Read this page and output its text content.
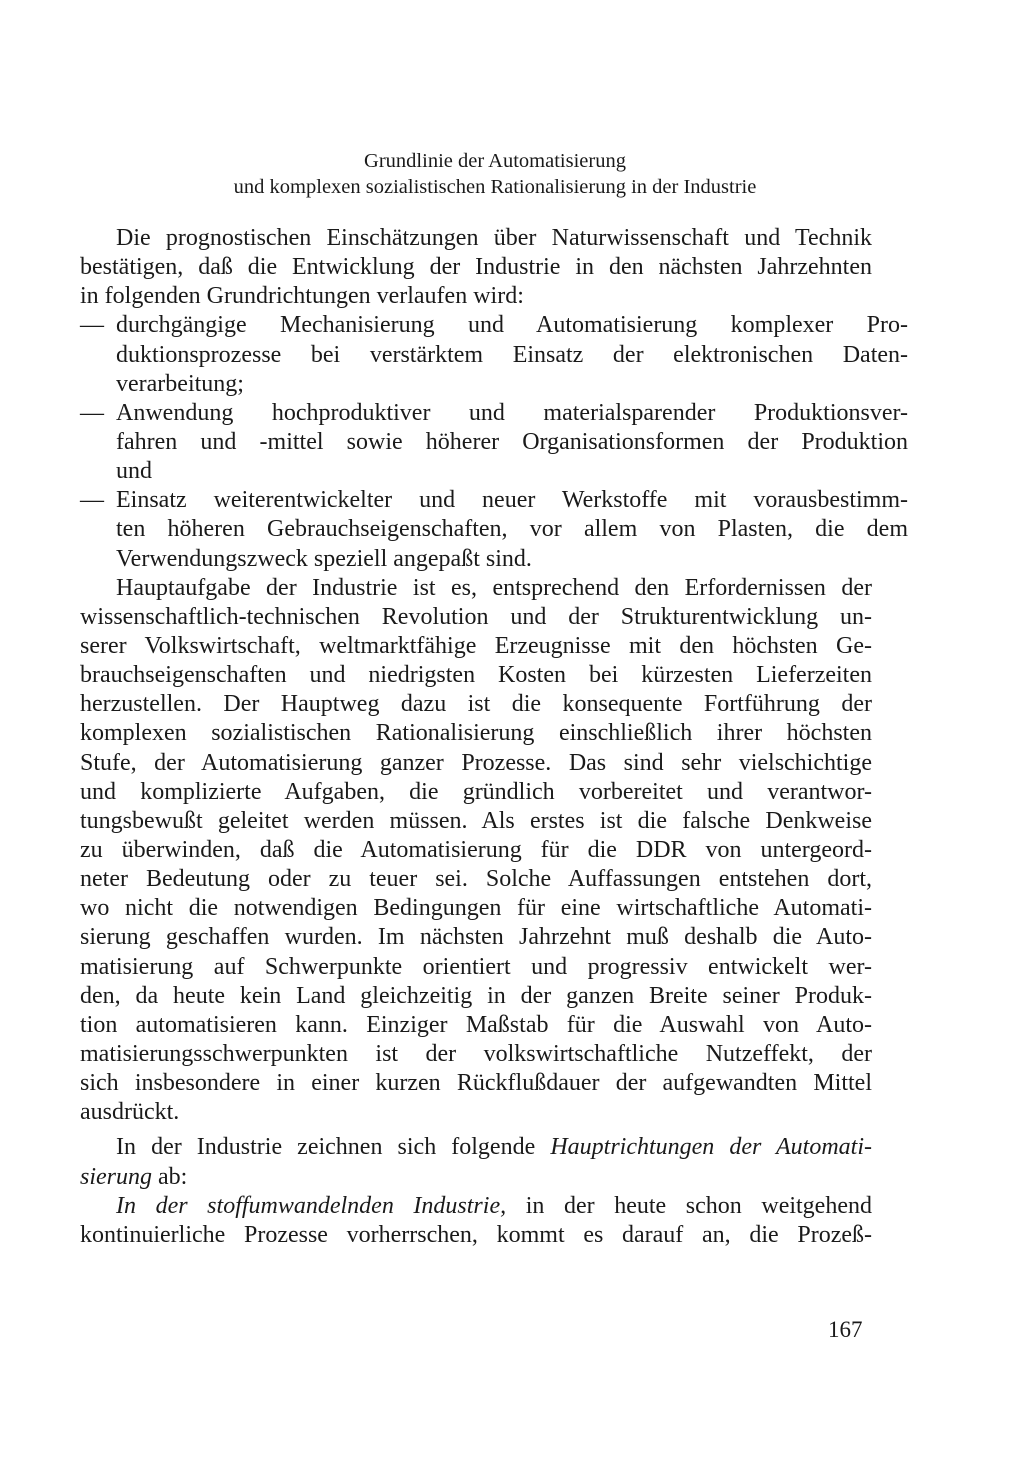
Grundlinie der Automatisierung
und komplexen sozialistischen Rationalisierung in der Industrie
Die prognostischen Einschätzungen über Naturwissenschaft und Technik
bestätigen, daß die Entwicklung der Industrie in den nächsten Jahrzehnten
in folgenden Grundrichtungen verlaufen wird:
— durchgängige Mechanisierung und Automatisierung komplexer Pro-
duktionsprozesse bei verstärktem Einsatz der elektronischen Daten-
verarbeitung;
— Anwendung hochproduktiver und materialsparender Produktionsver-
fahren und -mittel sowie höherer Organisationsformen der Produktion
und
— Einsatz weiterentwickelter und neuer Werkstoffe mit vorausbestimm-
ten höheren Gebrauchseigenschaften, vor allem von Plasten, die dem
Verwendungszweck speziell angepaßt sind.
Hauptaufgabe der Industrie ist es, entsprechend den Erfordernissen der
wissenschaftlich-technischen Revolution und der Strukturentwicklung un-
serer Volkswirtschaft, weltmarktfähige Erzeugnisse mit den höchsten Ge-
brauchseigenschaften und niedrigsten Kosten bei kürzesten Lieferzeiten
herzustellen. Der Hauptweg dazu ist die konsequente Fortführung der
komplexen sozialistischen Rationalisierung einschließlich ihrer höchsten
Stufe, der Automatisierung ganzer Prozesse. Das sind sehr vielschichtige
und komplizierte Aufgaben, die gründlich vorbereitet und verantwor-
tungsbewußt geleitet werden müssen. Als erstes ist die falsche Denkweise
zu überwinden, daß die Automatisierung für die DDR von untergeord-
neter Bedeutung oder zu teuer sei. Solche Auffassungen entstehen dort,
wo nicht die notwendigen Bedingungen für eine wirtschaftliche Automati-
sierung geschaffen wurden. Im nächsten Jahrzehnt muß deshalb die Auto-
matisierung auf Schwerpunkte orientiert und progressiv entwickelt wer-
den, da heute kein Land gleichzeitig in der ganzen Breite seiner Produk-
tion automatisieren kann. Einziger Maßstab für die Auswahl von Auto-
matisierungsschwerpunkten ist der volkswirtschaftliche Nutzeffekt, der
sich insbesondere in einer kurzen Rückflußdauer der aufgewandten Mittel
ausdrückt.
In der Industrie zeichnen sich folgende Hauptrichtungen der Automati-
sierung ab:
In der stoffumwandelnden Industrie, in der heute schon weitgehend
kontinuierliche Prozesse vorherrschen, kommt es darauf an, die Prozeß-
167
